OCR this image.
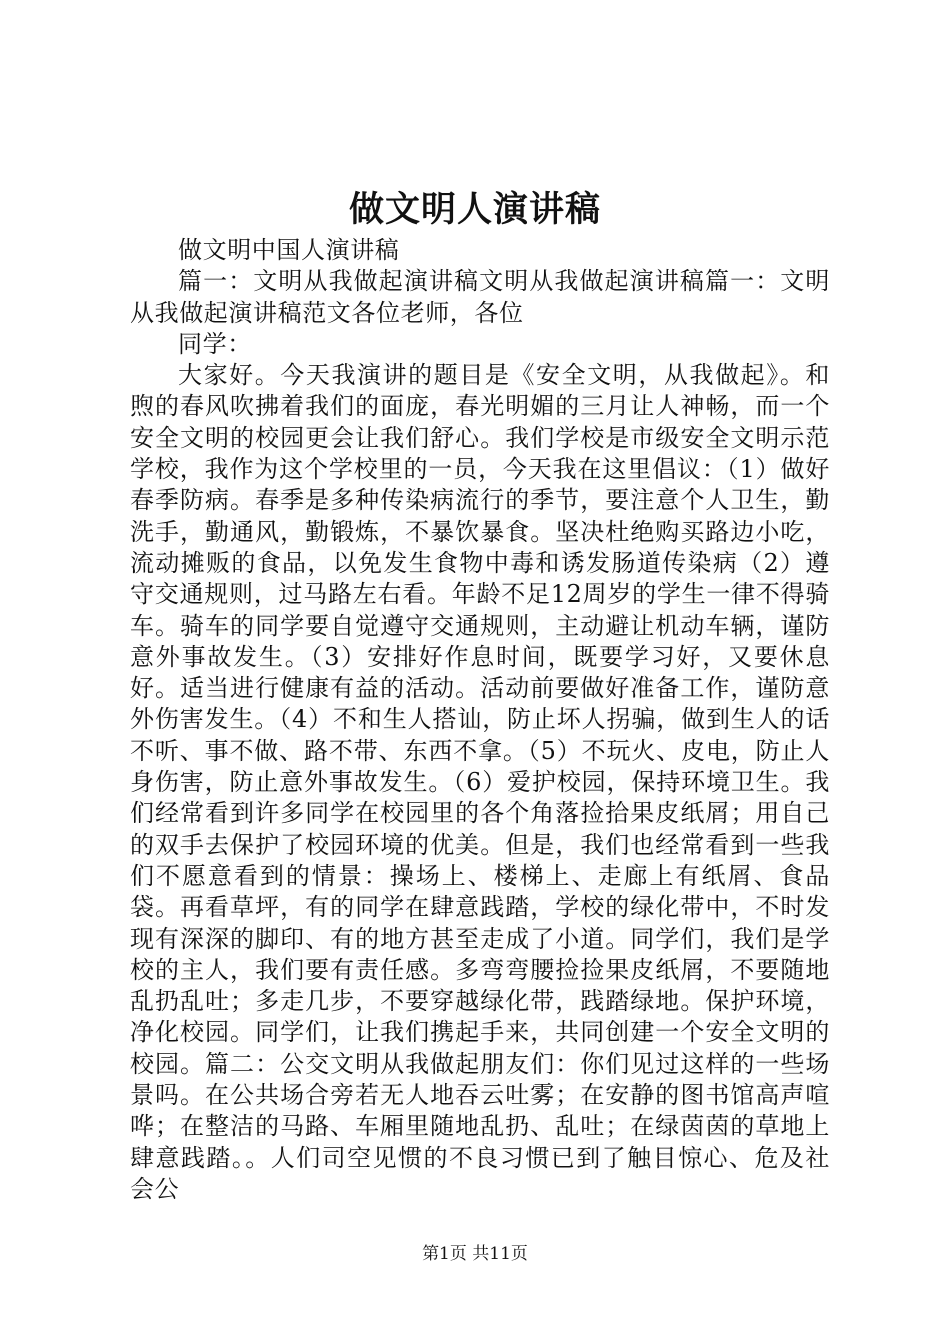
做文明人演讲稿

做文明中国人演讲稿

篇一：文明从我做起演讲稿文明从我做起演讲稿篇一：文明从我做起演讲稿范文各位老师，各位

同学：

大家好。今天我演讲的题目是《安全文明，从我做起》。和煦的春风吹拂着我们的面庞，春光明媚的三月让人神畅，而一个安全文明的校园更会让我们舒心。我们学校是市级安全文明示范学校，我作为这个学校里的一员，今天我在这里倡议：（1）做好春季防病。春季是多种传染病流行的季节，要注意个人卫生，勤洗手，勤通风，勤锻炼，不暴饮暴食。坚决杜绝购买路边小吃，流动摊贩的食品，以免发生食物中毒和诱发肠道传染病（2）遵守交通规则，过马路左右看。年龄不足12周岁的学生一律不得骑车。骑车的同学要自觉遵守交通规则，主动避让机动车辆，谨防意外事故发生。（3）安排好作息时间，既要学习好，又要休息好。适当进行健康有益的活动。活动前要做好准备工作，谨防意外伤害发生。（4）不和生人搭讪，防止坏人拐骗，做到生人的话不听、事不做、路不带、东西不拿。（5）不玩火、皮电，防止人身伤害，防止意外事故发生。（6）爱护校园，保持环境卫生。我们经常看到许多同学在校园里的各个角落捡拾果皮纸屑；用自己的双手去保护了校园环境的优美。但是，我们也经常看到一些我们不愿意看到的情景：操场上、楼梯上、走廊上有纸屑、食品袋。再看草坪，有的同学在肆意践踏，学校的绿化带中，不时发现有深深的脚印、有的地方甚至走成了小道。同学们，我们是学校的主人，我们要有责任感。多弯弯腰捡捡果皮纸屑，不要随地乱扔乱吐；多走几步，不要穿越绿化带，践踏绿地。保护环境，净化校园。同学们，让我们携起手来，共同创建一个安全文明的校园。篇二：公交文明从我做起朋友们：你们见过这样的一些场景吗。在公共场合旁若无人地吞云吐雾；在安静的图书馆高声喧哗；在整洁的马路、车厢里随地乱扔、乱吐；在绿茵茵的草地上肆意践踏。。人们司空见惯的不良习惯已到了触目惊心、危及社会公

第1页 共11页
